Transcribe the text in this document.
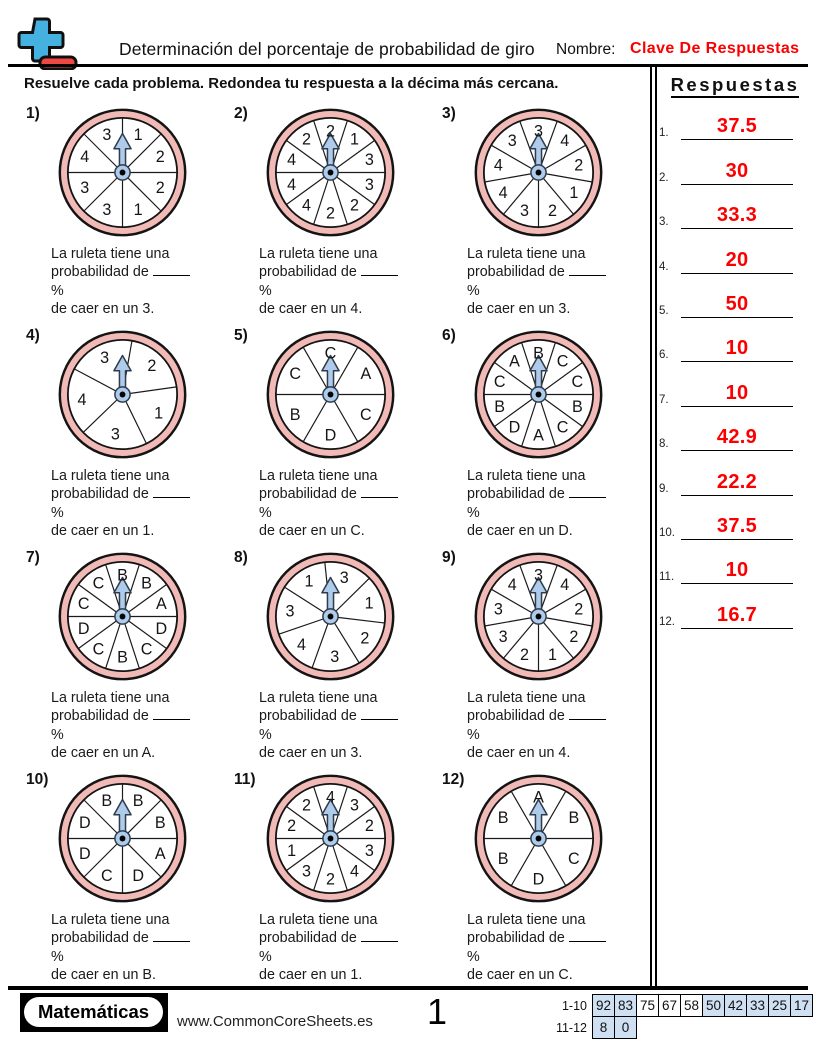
Determinación del porcentaje de probabilidad de giro Nombre: Clave De Respuestas
Resuelve cada problema. Redondea tu respuesta a la décima más cercana.
1)
1
2
2
1
3
3
4
3
La ruleta tiene una
probabilidad de %
de caer en un 3.
2)
2 1
3
3
2
2
4
4
4
2
La ruleta tiene una
probabilidad de %
de caer en un 4.
3)
3
4
2
1
2
3
4
4
3
La ruleta tiene una
probabilidad de %
de caer en un 3.
4)
2
1
3
4
3
La ruleta tiene una
probabilidad de %
de caer en un 1.
5)
C
A
C
D
B
C
La ruleta tiene una
probabilidad de %
de caer en un C.
6)
B C
C
B
C
A
D
B
C
A
La ruleta tiene una
probabilidad de %
de caer en un D.
7)
B B
A
D
C
B
C
D
C
C
La ruleta tiene una
probabilidad de %
de caer en un A.
8)
3
1
2
3
4
3
1
La ruleta tiene una
probabilidad de %
de caer en un 3.
9)
3
4
2
2
1
2
3
3
4
La ruleta tiene una
probabilidad de %
de caer en un 4.
10)
B
B
A
D
C
D
D
B
La ruleta tiene una
probabilidad de %
de caer en un B.
11)
4 3
2
3
4
2
3
1
2
2
La ruleta tiene una
probabilidad de %
de caer en un 1.
12)
A
B
C
D
B
B
La ruleta tiene una
probabilidad de %
de caer en un C.
Respuestas
1.	37.5
2.	30
3.	33.3
4.	20
5.	50
6.	10
7.	10
8.	42.9
9.	22.2
10.	37.5
11.	10
12.	16.7
Matemáticas	www.CommonCoreSheets.es	1	1-10	92	83	75	67	58	50	42	33	25	17
11-12	8	0								
